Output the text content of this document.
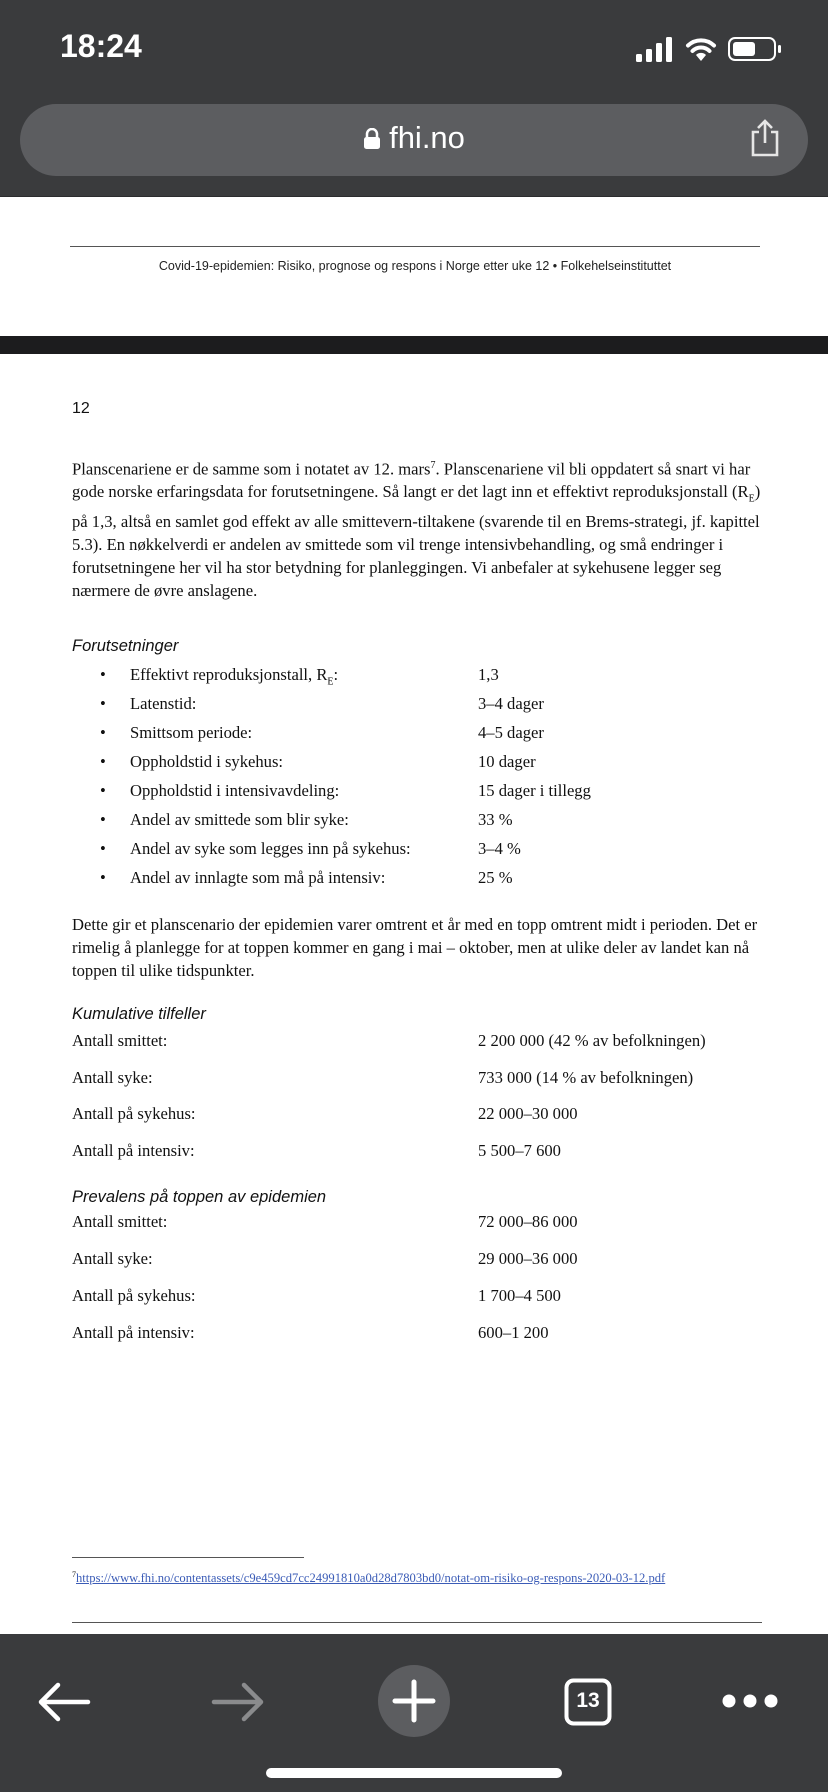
18:24
fhi.no
Covid-19-epidemien: Risiko, prognose og respons i Norge etter uke 12 • Folkehelseinstituttet
12
Planscenariene er de samme som i notatet av 12. mars$^7$. Planscenariene vil bli oppdatert så snart vi har gode norske erfaringsdata for forutsetningene. Så langt er det lagt inn et effektivt reproduksjonstall $(R_E)$ på 1,3, altså en samlet god effekt av alle smittevern-tiltakene (svarende til en Brems-strategi, jf. kapittel 5.3). En nøkkelverdi er andelen av smittede som vil trenge intensivbehandling, og små endringer i forutsetningene her vil ha stor betydning for planleggingen. Vi anbefaler at sykehusene legger seg nærmere de øvre anslagene.
Forutsetninger
• Effektivt reproduksjonstall, $R_E$:	1,3
• Latenstid:	3–4 dager
• Smittsom periode:	4–5 dager
• Oppholdstid i sykehus:	10 dager
• Oppholdstid i intensivavdeling:	15 dager i tillegg
• Andel av smittede som blir syke:	33 %
• Andel av syke som legges inn på sykehus:	3–4 %
• Andel av innlagte som må på intensiv:	25 %
Dette gir et planscenario der epidemien varer omtrent et år med en topp omtrent midt i perioden. Det er rimelig å planlegge for at toppen kommer en gang i mai – oktober, men at ulike deler av landet kan nå toppen til ulike tidspunkter.
Kumulative tilfeller
Antall smittet:	2 200 000 (42 % av befolkningen)
Antall syke:	733 000 (14 % av befolkningen)
Antall på sykehus:	22 000–30 000
Antall på intensiv:	5 500–7 600
Prevalens på toppen av epidemien
Antall smittet:	72 000–86 000
Antall syke:	29 000–36 000
Antall på sykehus:	1 700–4 500
Antall på intensiv:	600–1 200
$^7$https://www.fhi.no/contentassets/c9e459cd7cc24991810a0d28d7803bd0/notat-om-risiko-og-respons-2020-03-12.pdf
13
